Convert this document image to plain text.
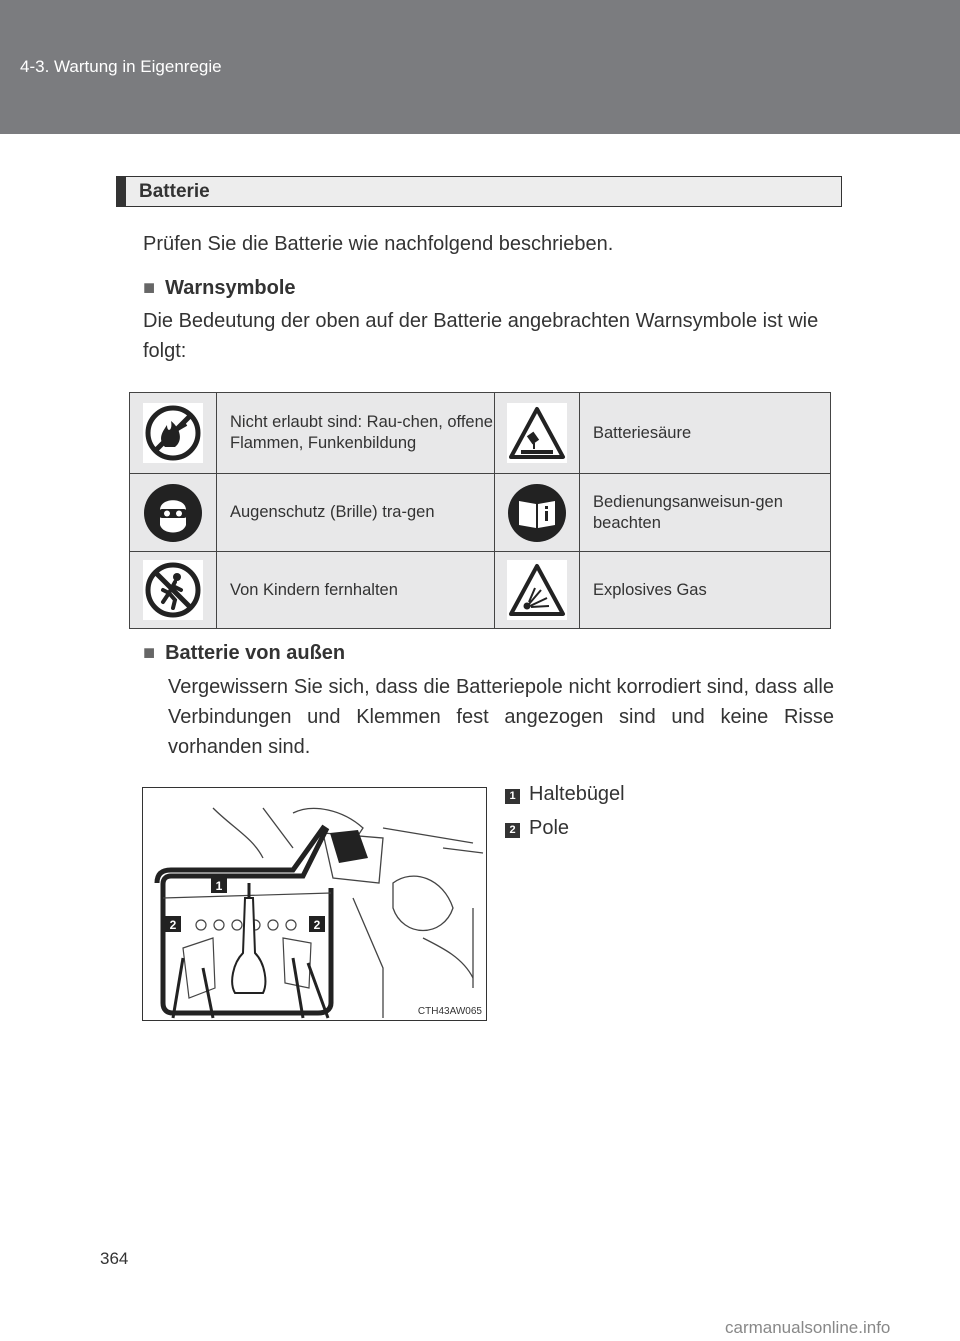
4-3. Wartung in Eigenregie
Batterie
Prüfen Sie die Batterie wie nachfolgend beschrieben.
■ Warnsymbole
Die Bedeutung der oben auf der Batterie angebrachten Warnsymbole ist wie folgt:
	Nicht erlaubt sind: Rau-chen, offene Flammen, Funkenbildung		Batteriesäure
	Augenschutz (Brille) tra-gen		Bedienungsanweisun-gen beachten
	Von Kindern fernhalten		Explosives Gas
■ Batterie von außen
Vergewissern Sie sich, dass die Batteriepole nicht korrodiert sind, dass alle Verbindungen und Klemmen fest angezogen sind und keine Risse vorhanden sind.
1
2	2
CTH43AW065
1 Haltebügel
2 Pole
364
carmanualsonline.info
